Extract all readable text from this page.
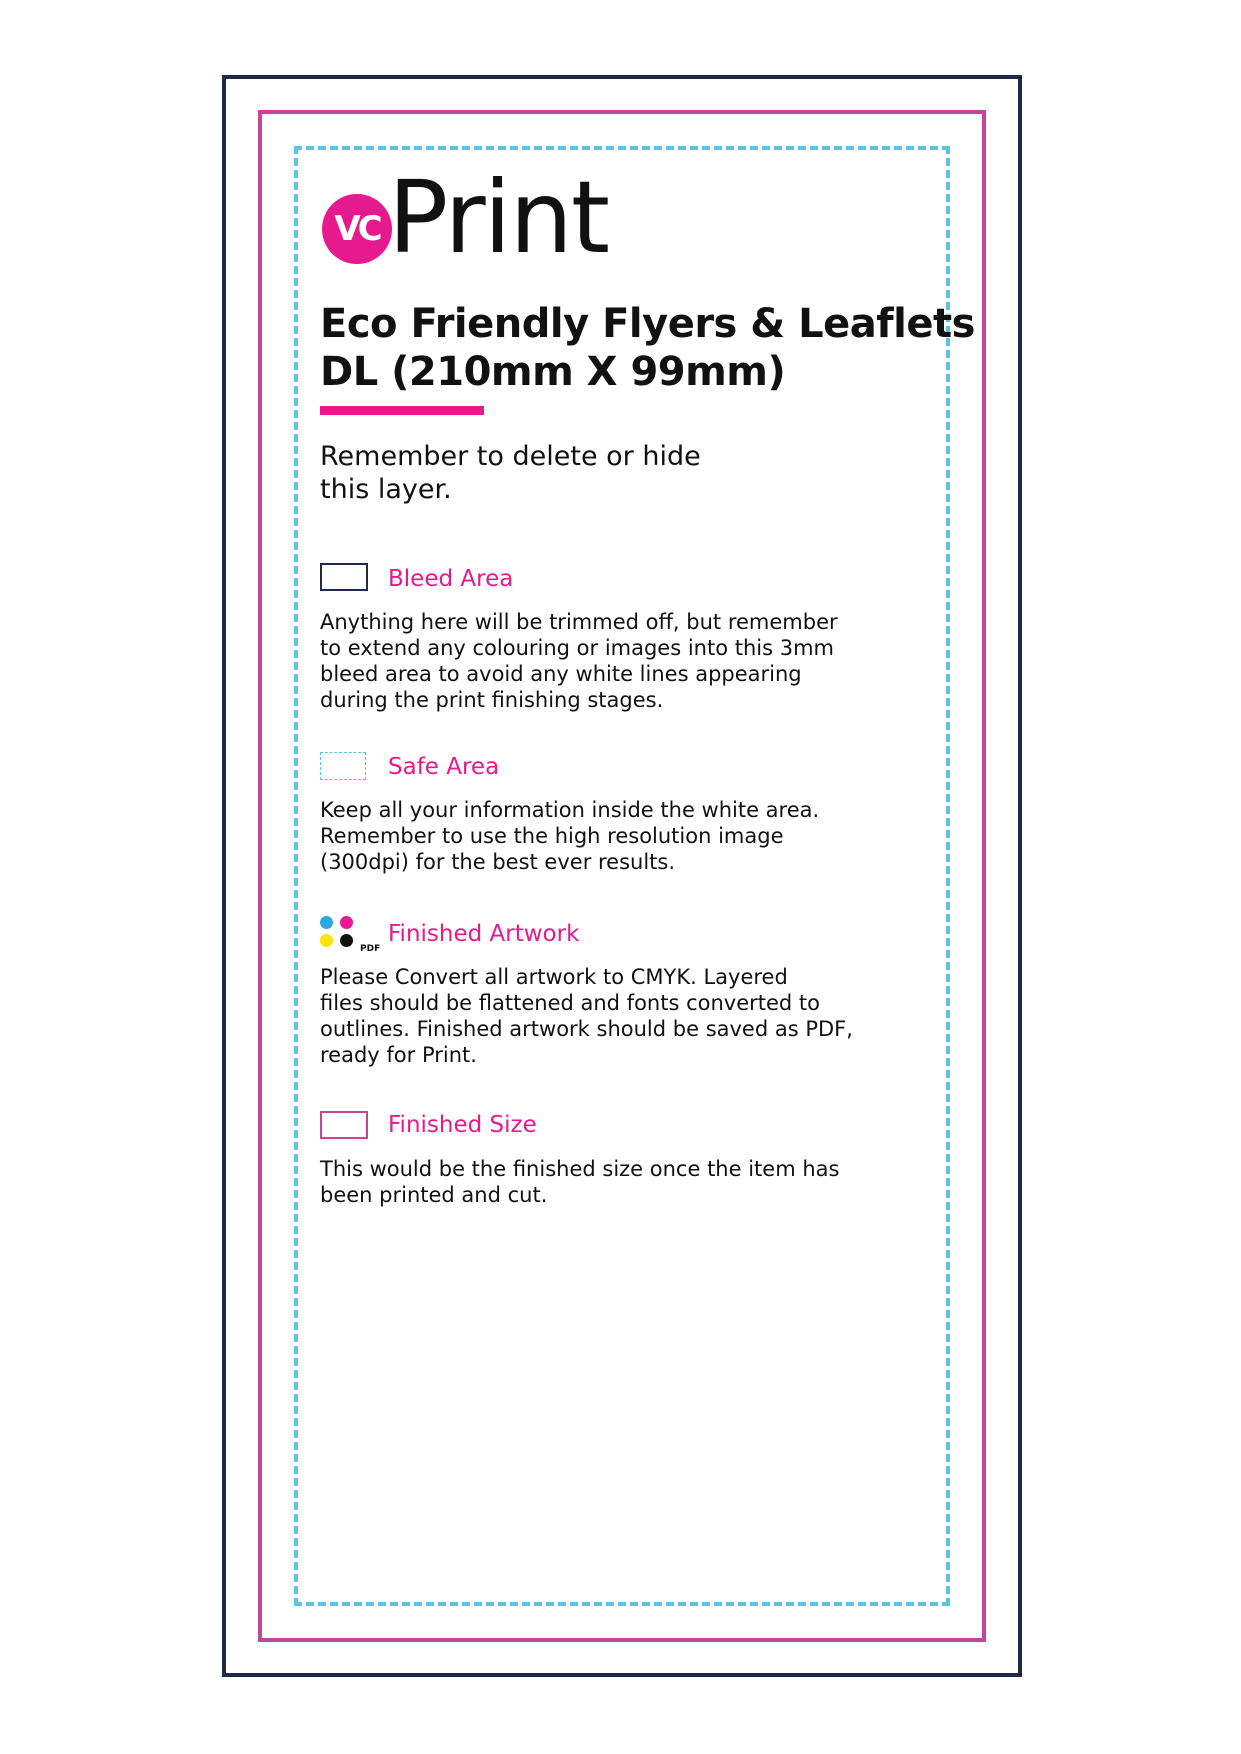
VC Print
Eco Friendly Flyers & Leaflets
DL (210mm X 99mm)
Remember to delete or hide
this layer.
Bleed Area
Anything here will be trimmed off, but remember
to extend any colouring or images into this 3mm
bleed area to avoid any white lines appearing
during the print finishing stages.
Safe Area
Keep all your information inside the white area.
Remember to use the high resolution image
(300dpi) for the best ever results.
PDF
Finished Artwork
Please Convert all artwork to CMYK. Layered
files should be flattened and fonts converted to
outlines. Finished artwork should be saved as PDF,
ready for Print.
Finished Size
This would be the finished size once the item has
been printed and cut.
